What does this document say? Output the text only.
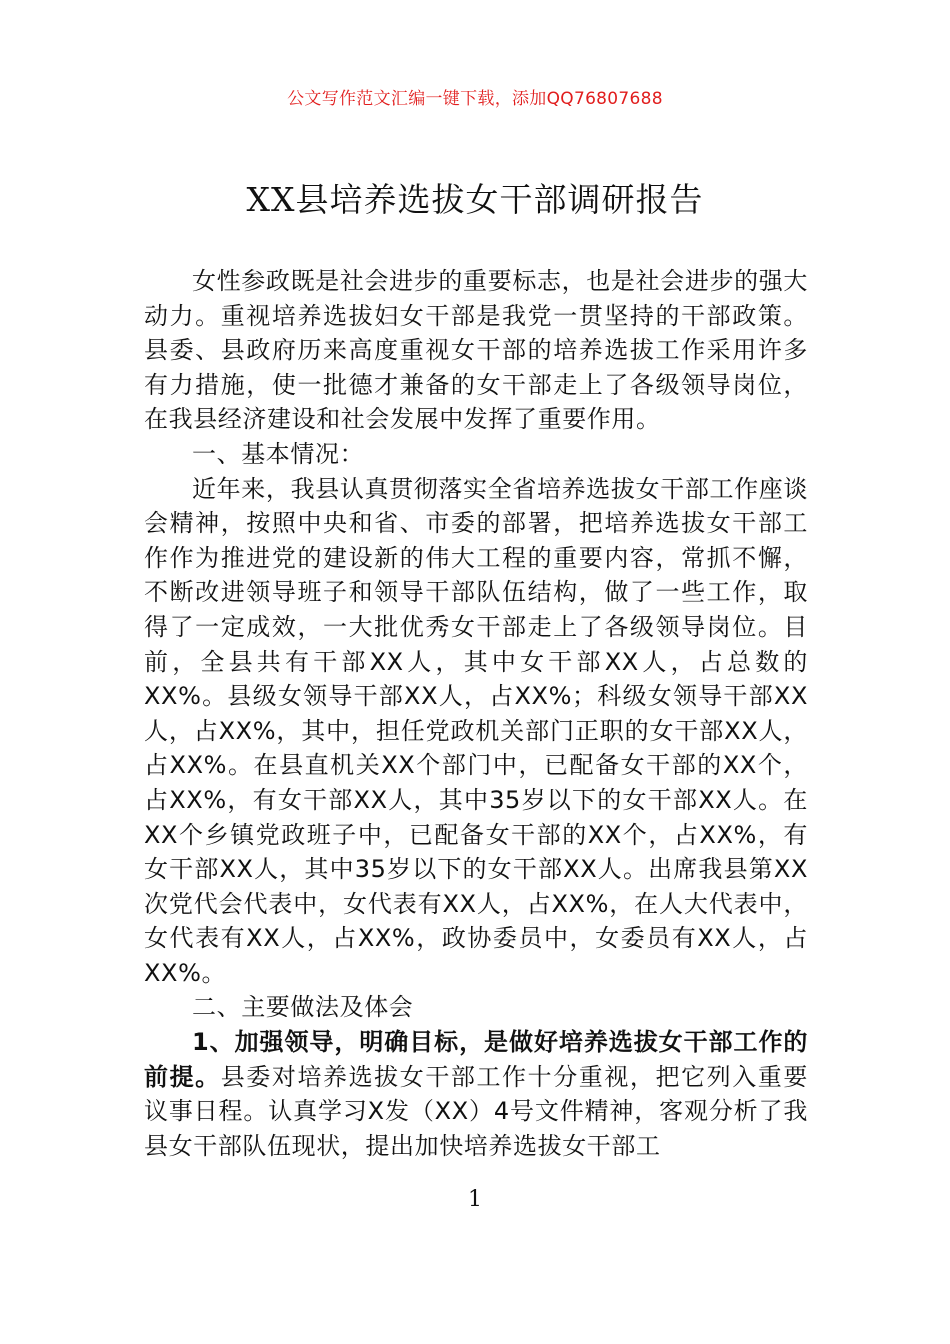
公文写作范文汇编一键下载，添加QQ76807688
XX县培养选拔女干部调研报告

女性参政既是社会进步的重要标志，也是社会进步的强大动力。重视培养选拔妇女干部是我党一贯坚持的干部政策。县委、县政府历来高度重视女干部的培养选拔工作采用许多有力措施，使一批德才兼备的女干部走上了各级领导岗位，在我县经济建设和社会发展中发挥了重要作用。

一、基本情况：

近年来，我县认真贯彻落实全省培养选拔女干部工作座谈会精神，按照中央和省、市委的部署，把培养选拔女干部工作作为推进党的建设新的伟大工程的重要内容，常抓不懈，不断改进领导班子和领导干部队伍结构，做了一些工作，取得了一定成效，一大批优秀女干部走上了各级领导岗位。目前，全县共有干部XX人，其中女干部XX人，占总数的XX%。县级女领导干部XX人，占XX%；科级女领导干部XX人，占XX%，其中，担任党政机关部门正职的女干部XX人，占XX%。在县直机关XX个部门中，已配备女干部的XX个，占XX%，有女干部XX人，其中35岁以下的女干部XX人。在XX个乡镇党政班子中，已配备女干部的XX个，占XX%，有女干部XX人，其中35岁以下的女干部XX人。出席我县第XX次党代会代表中，女代表有XX人，占XX%，在人大代表中，女代表有XX人，占XX%，政协委员中，女委员有XX人，占XX%。

二、主要做法及体会

1、加强领导，明确目标，是做好培养选拔女干部工作的前提。县委对培养选拔女干部工作十分重视，把它列入重要议事日程。认真学习X发（XX）4号文件精神，客观分析了我县女干部队伍现状，提出加快培养选拔女干部工

1
